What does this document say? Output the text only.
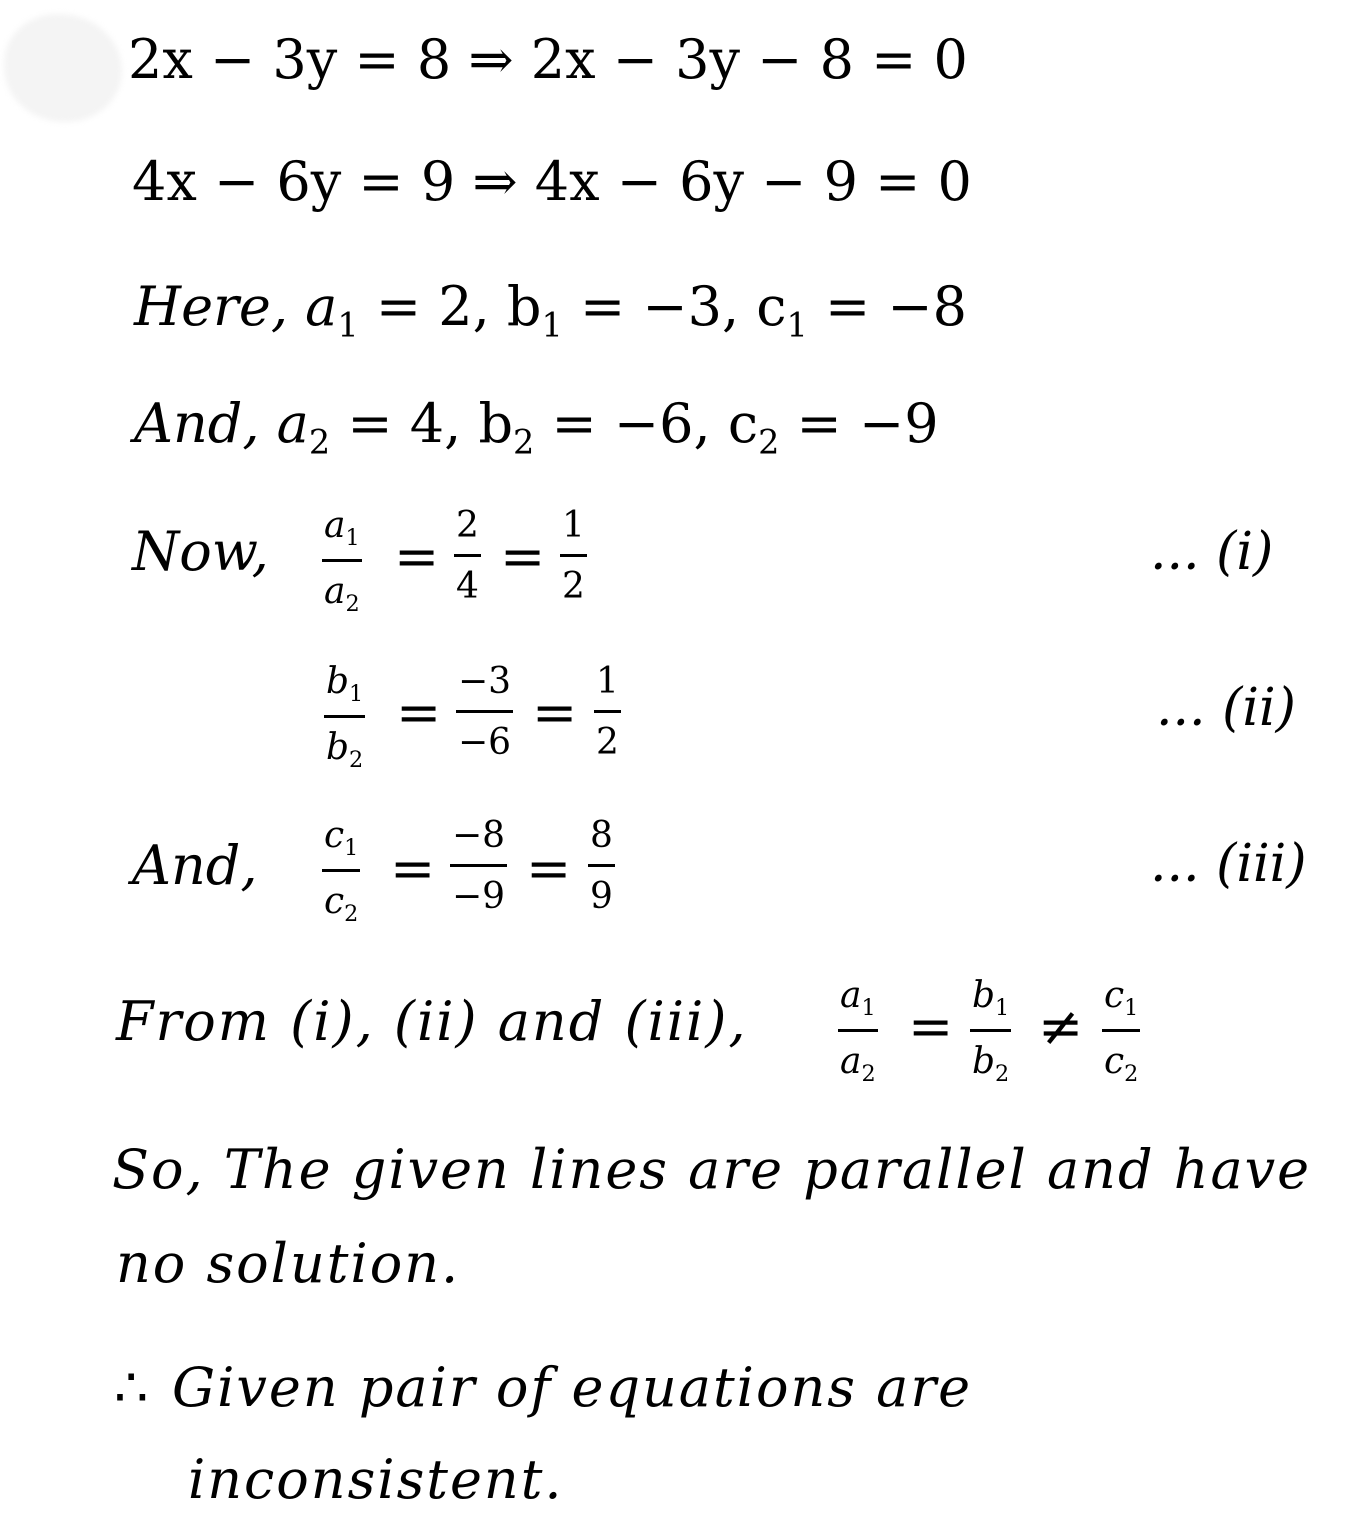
2x − 3y = 8 ⇒ 2x − 3y − 8 = 0
4x − 6y = 9 ⇒ 4x − 6y − 9 = 0
Here, $a_1 = 2$, $b_1 = -3$, $c_1 = -8$
And, $a_2 = 4$, $b_2 = -6$, $c_2 = -9$
Now, $a_1$
$a_2$
= 2
4 = 1
2
... (i)
$b_1$
$b_2$
= −3
−6 = 1
2
... (ii)
And, $c_1$
$c_2$
=
−8
−9 =
8
9
... (iii)
From (i), (ii) and (iii),	$a_1$
$a_2$
= $b_1$
$b_2$
≠ $c_1$
$c_2$
So, The given lines are parallel and have
no solution.
∴ Given pair of equations are
inconsistent.
